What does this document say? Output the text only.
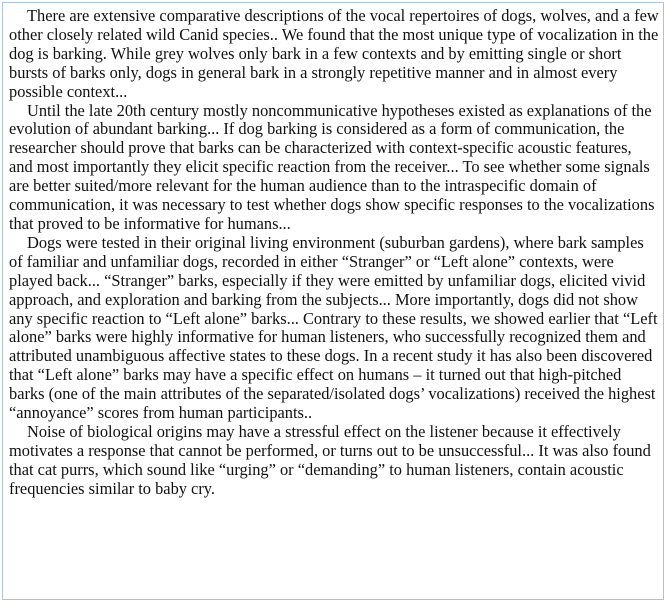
There are extensive comparative descriptions of the vocal repertoires of dogs, wolves, and a few other closely related wild Canid species.. We found that the most unique type of vocalization in the dog is barking. While grey wolves only bark in a few contexts and by emitting single or short bursts of barks only, dogs in general bark in a strongly repetitive manner and in almost every possible context...

Until the late 20th century mostly noncommunicative hypotheses existed as explanations of the evolution of abundant barking... If dog barking is considered as a form of communication, the researcher should prove that barks can be characterized with context-specific acoustic features, and most importantly they elicit specific reaction from the receiver... To see whether some signals are better suited/more relevant for the human audience than to the intraspecific domain of communication, it was necessary to test whether dogs show specific responses to the vocalizations that proved to be informative for humans...

Dogs were tested in their original living environment (suburban gardens), where bark samples of familiar and unfamiliar dogs, recorded in either “Stranger” or “Left alone” contexts, were played back... “Stranger” barks, especially if they were emitted by unfamiliar dogs, elicited vivid approach, and exploration and barking from the subjects... More importantly, dogs did not show any specific reaction to “Left alone” barks... Contrary to these results, we showed earlier that “Left alone” barks were highly informative for human listeners, who successfully recognized them and attributed unambiguous affective states to these dogs. In a recent study it has also been discovered that “Left alone” barks may have a specific effect on humans – it turned out that high-pitched barks (one of the main attributes of the separated/isolated dogs’ vocalizations) received the highest “annoyance” scores from human participants..

Noise of biological origins may have a stressful effect on the listener because it effectively motivates a response that cannot be performed, or turns out to be unsuccessful... It was also found that cat purrs, which sound like “urging” or “demanding” to human listeners, contain acoustic frequencies similar to baby cry.
